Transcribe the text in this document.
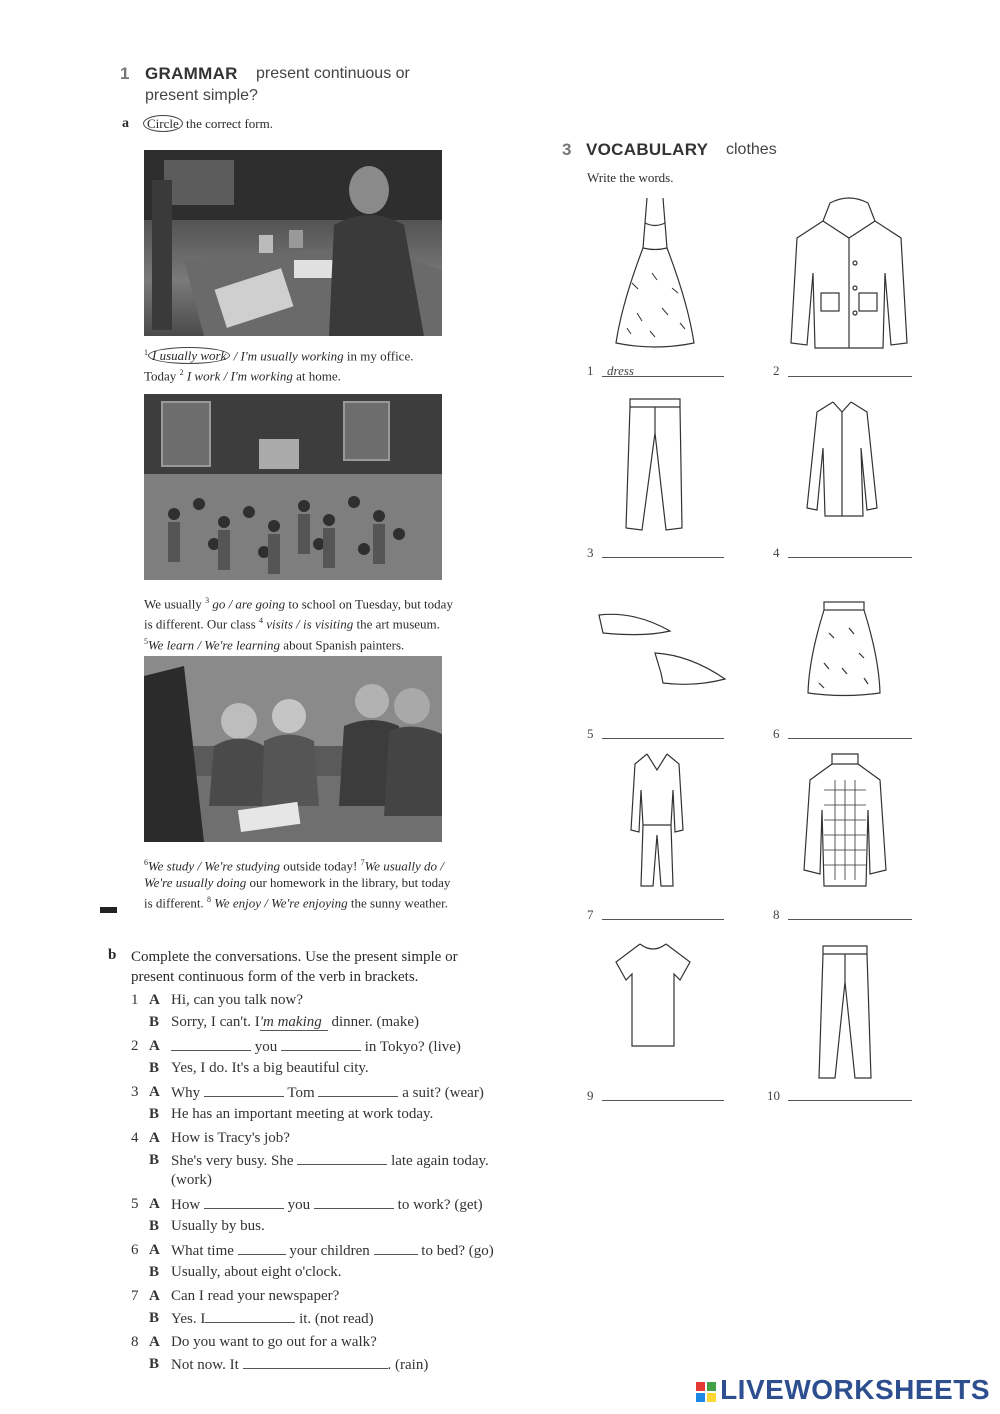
1 GRAMMAR present continuous or
present simple?
a	Circle the correct form.
$^1$ I usually work / I'm usually working in my office.
Today $^2$ I work / I'm working at home.
We usually $^3$ go / are going to school on Tuesday, but today
is different. Our class $^4$ visits / is visiting the art museum.
$^5$We learn / We're learning about Spanish painters.
$^6$We study / We're studying outside today! $^7$We usually do /
We're usually doing our homework in the library, but today
is different. $^8$ We enjoy / We're enjoying the sunny weather.
b Complete the conversations. Use the present simple or
present continuous form of the verb in brackets.
1 A Hi, can you talk now?
B Sorry, I can't. I'm making dinner. (make)
2 A	you	in Tokyo? (live)
B Yes, I do. It's a big beautiful city.
3 A Why	Tom	a suit? (wear)
B He has an important meeting at work today.
4 A How is Tracy's job?
B She's very busy. She	late again today.
(work)
5 A How	you	to work? (get)
B Usually by bus.
6 A What time	your children	to bed? (go)
B Usually, about eight o'clock.
7 A Can I read your newspaper?
B Yes. I	it. (not read)
8 A Do you want to go out for a walk?
B Not now. It	. (rain)
3 VOCABULARY clothes
Write the words.
1 dress	2
3	4
5	6
7	8
9	10
LIVEWORKSHEETS
